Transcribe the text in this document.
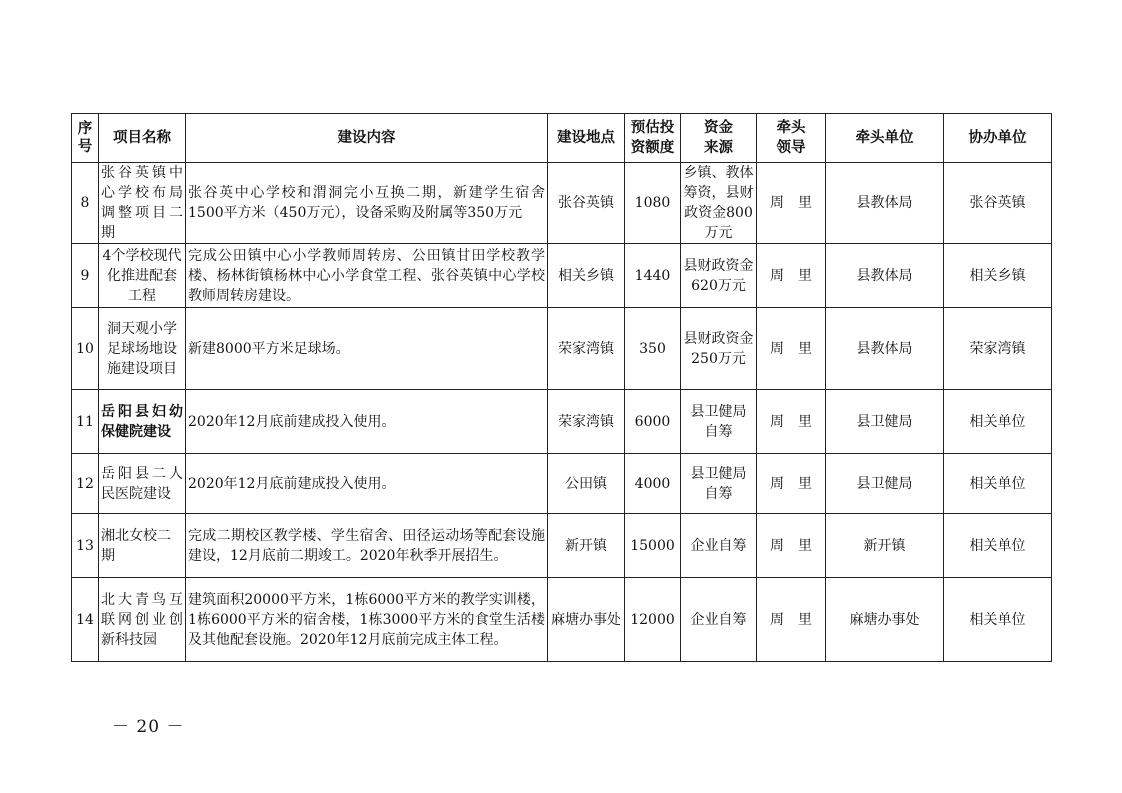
序号	项目名称	建设内容	建设地点	预估投资额度	资金来源	牵头领导	牵头单位	协办单位
8	张谷英镇中心学校布局调整项目二期	张谷英中心学校和渭洞完小互换二期，新建学生宿舍1500平方米（450万元），设备采购及附属等350万元	张谷英镇	1080	乡镇、教体筹资，县财政资金800万元	周　里	县教体局	张谷英镇
9	4个学校现代化推进配套工程	完成公田镇中心小学教师周转房、公田镇甘田学校教学楼、杨林街镇杨林中心小学食堂工程、张谷英镇中心学校教师周转房建设。	相关乡镇	1440	县财政资金620万元	周　里	县教体局	相关乡镇
10	洞天观小学足球场地设施建设项目	新建8000平方米足球场。	荣家湾镇	350	县财政资金250万元	周　里	县教体局	荣家湾镇
11	岳阳县妇幼保健院建设	2020年12月底前建成投入使用。	荣家湾镇	6000	县卫健局自筹	周　里	县卫健局	相关单位
12	岳阳县二人民医院建设	2020年12月底前建成投入使用。	公田镇	4000	县卫健局自筹	周　里	县卫健局	相关单位
13	湘北女校二期	完成二期校区教学楼、学生宿舍、田径运动场等配套设施建设，12月底前二期竣工。2020年秋季开展招生。	新开镇	15000	企业自筹	周　里	新开镇	相关单位
14	北大青鸟互联网创业创新科技园	建筑面积20000平方米，1栋6000平方米的教学实训楼，1栋6000平方米的宿舍楼，1栋3000平方米的食堂生活楼及其他配套设施。2020年12月底前完成主体工程。	麻塘办事处	12000	企业自筹	周　里	麻塘办事处	相关单位
－ 20 －
